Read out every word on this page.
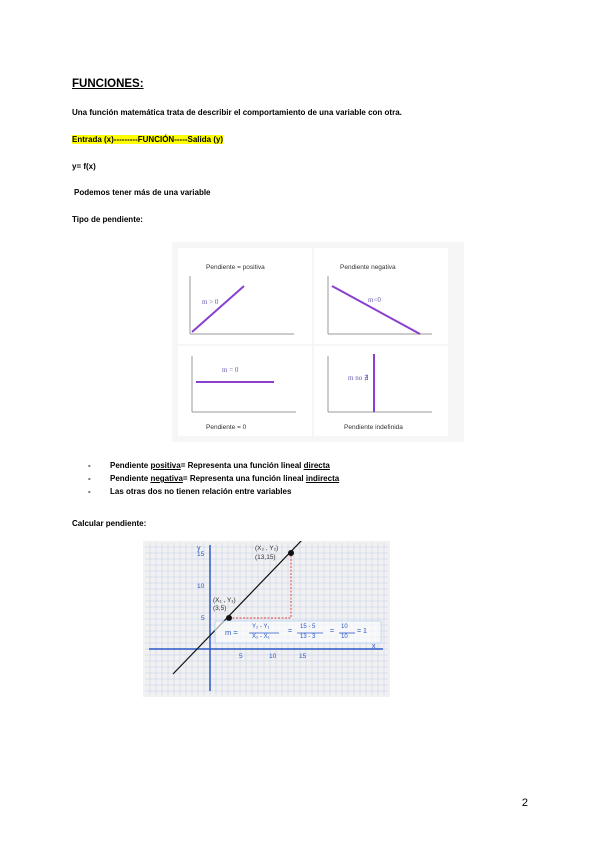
FUNCIONES:
Una función matemática trata de describir el comportamiento de una variable con otra.
Entrada (x)---------FUNCIÓN-----Salida (y)
y= f(x)
Podemos tener más de una variable
Tipo de pendiente:
Pendiente = positiva
m > 0
Pendiente negativa
m<0
m = 0
Pendiente = 0
m no ∄
Pendiente indefinida
- Pendiente positiva= Representa una función lineal directa
- Pendiente negativa= Representa una función lineal indirecta
- Las otras dos no tienen relación entre variables
Calcular pendiente:
y
x
15
10
5
5	10	15
(X₁ , Y₁)
(3,5)
(X₂ , Y₂)
(13,15)
m =
Y₂ - Y₁
X₂ - X₁
=
15 - 5
13 - 3
=
10
10
= 1
2
